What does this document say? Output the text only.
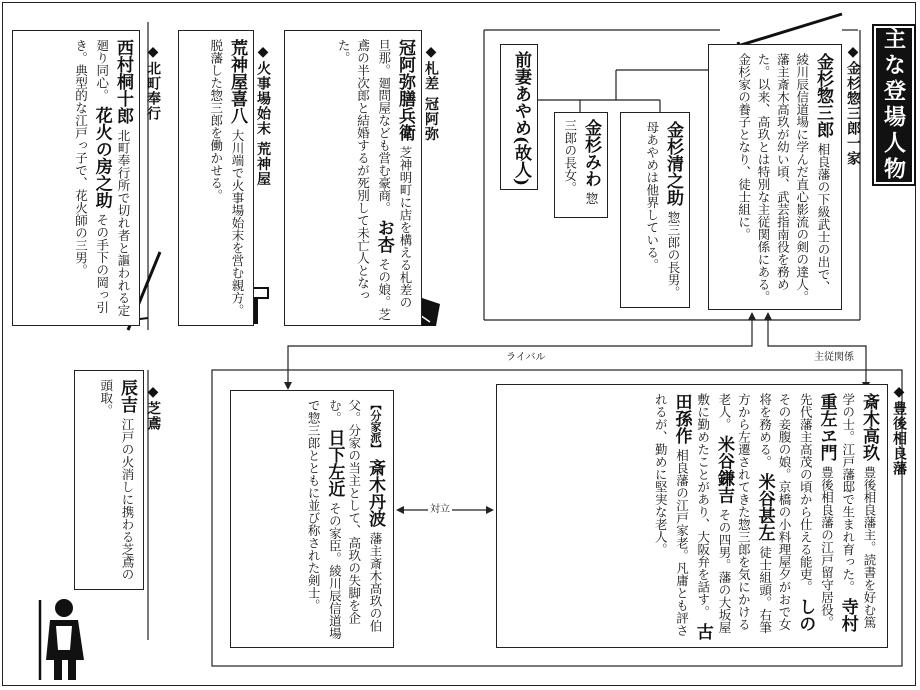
主な登場人物
◆金杉惣三郎一家
金杉惣三郎 相良藩の下級武士の出で、綾川辰信道場に学んだ直心影流の剣の達人。藩主斎木高玖が幼い頃、武芸指南役を務めた。以来、高玖とは特別な主従関係にある。金杉家の養子となり、徒士組に。
金杉清之助 惣三郎の長男。母あやめは他界している。
金杉みわ 惣三郎の長女。
前妻あやめ(故人)
◆北町奉行
西村桐十郎 北町奉行所で切れ者と謳われる定廻り同心。 花火の房之助 その手下の岡っ引き。典型的な江戸っ子で、花火師の三男。	◆火事場始末 荒神屋
荒神屋喜八 大川端で火事場始末を営む親方。脱藩した惣三郎を働かせる。	◆札差 冠阿弥
冠阿弥膳兵衛 芝神明町に店を構える札差の旦那。廻問屋なども営む豪商。 お杏 その娘。芝鳶の半次郎と結婚するが死別して未亡人となった。
◆芝鳶
辰吉 江戸の火消しに携わる芝鳶の頭取。	◆豊後相良藩
斎木高玖 豊後相良藩主。読書を好む篤学の士。江戸藩邸で生まれ育った。 寺村重左ヱ門 豊後相良藩の江戸留守居役。先代藩主高茂の頃から仕える能吏。 しの その妾腹の娘。京橋の小料理屋夕がおで女将を務める。 米谷甚左 徒士組頭。右筆方から左遷されてきた惣三郎を気にかける老人。 米谷鎌吉 その四男。藩の大坂屋敷に勤めたことがあり、大阪弁を話す。 古田孫作 相良藩の江戸家老。凡庸とも評されるが、勤めに堅実な老人。
【分家派】 斎木丹波 藩主斎木高玖の伯父。分家の当主として、高玖の失脚を企む。 日下左近 その家臣。綾川辰信道場で惣三郎とともに並び称された剣士。
ライバル	主従関係
対立
